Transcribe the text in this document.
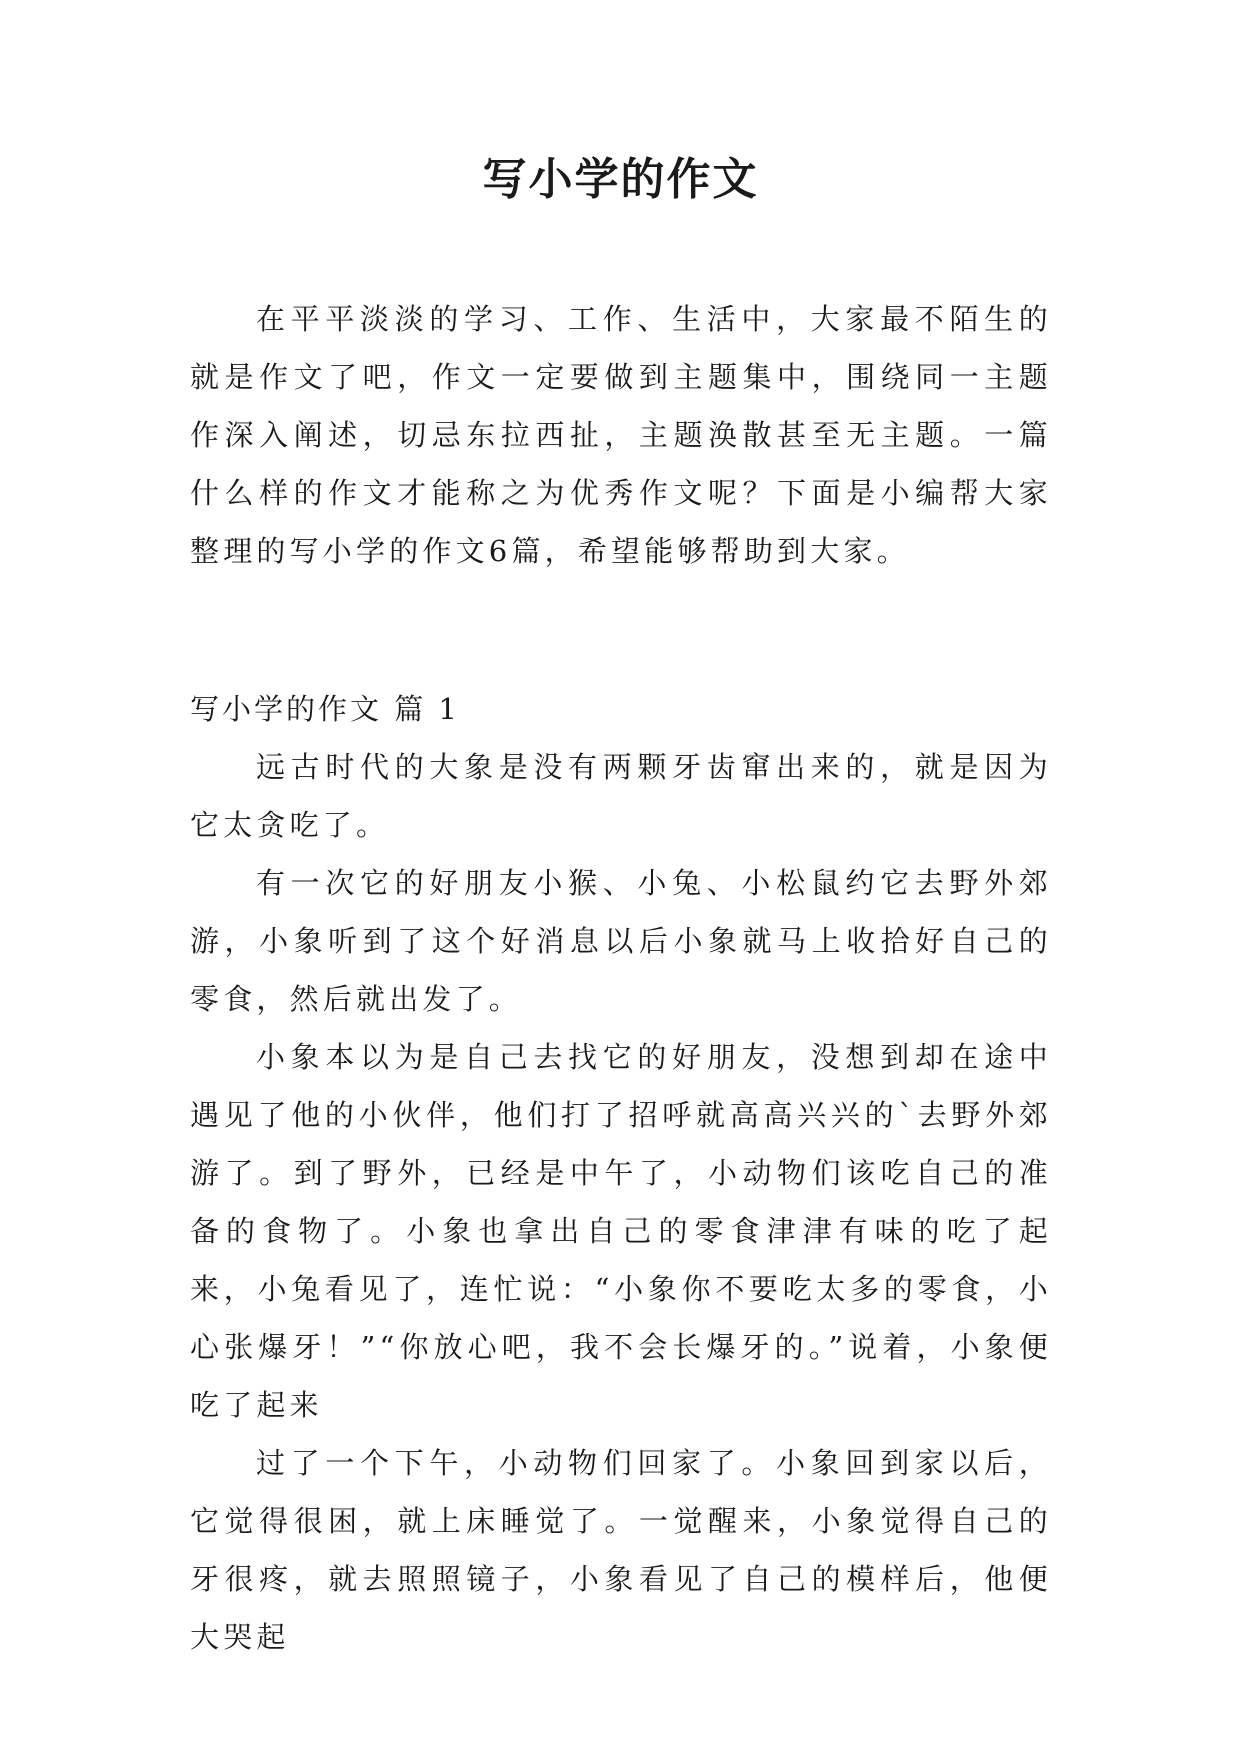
写小学的作文

在平平淡淡的学习、工作、生活中，大家最不陌生的就是作文了吧，作文一定要做到主题集中，围绕同一主题作深入阐述，切忌东拉西扯，主题涣散甚至无主题。一篇什么样的作文才能称之为优秀作文呢？下面是小编帮大家整理的写小学的作文6篇，希望能够帮助到大家。

写小学的作文 篇 1

远古时代的大象是没有两颗牙齿窜出来的，就是因为它太贪吃了。

有一次它的好朋友小猴、小兔、小松鼠约它去野外郊游，小象听到了这个好消息以后小象就马上收拾好自己的零食，然后就出发了。

小象本以为是自己去找它的好朋友，没想到却在途中遇见了他的小伙伴，他们打了招呼就高高兴兴的`去野外郊游了。到了野外，已经是中午了，小动物们该吃自己的准备的食物了。小象也拿出自己的零食津津有味的吃了起来，小兔看见了，连忙说：“小象你不要吃太多的零食，小心张爆牙！”“你放心吧，我不会长爆牙的。”说着，小象便吃了起来

过了一个下午，小动物们回家了。小象回到家以后，它觉得很困，就上床睡觉了。一觉醒来，小象觉得自己的牙很疼，就去照照镜子，小象看见了自己的模样后，他便大哭起
